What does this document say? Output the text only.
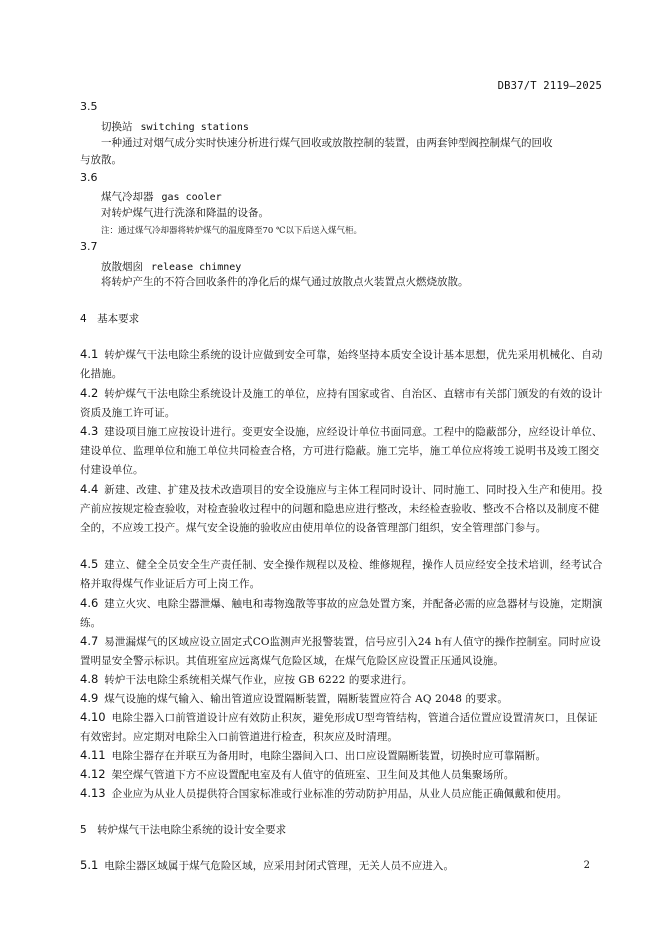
DB37/T 2119—2025
3.5
切换站 switching stations
一种通过对烟气成分实时快速分析进行煤气回收或放散控制的装置，由两套钟型阀控制煤气的回收
与放散。
3.6
煤气冷却器 gas cooler
对转炉煤气进行洗涤和降温的设备。
注：通过煤气冷却器将转炉煤气的温度降至70 ℃以下后送入煤气柜。
3.7
放散烟囱 release chimney
将转炉产生的不符合回收条件的净化后的煤气通过放散点火装置点火燃烧放散。
4　基本要求
4.1 转炉煤气干法电除尘系统的设计应做到安全可靠，始终坚持本质安全设计基本思想，优先采用机械化、自动化措施。
4.2 转炉煤气干法电除尘系统设计及施工的单位，应持有国家或省、自治区、直辖市有关部门颁发的有效的设计资质及施工许可证。
4.3 建设项目施工应按设计进行。变更安全设施，应经设计单位书面同意。工程中的隐蔽部分，应经设计单位、建设单位、监理单位和施工单位共同检查合格，方可进行隐蔽。施工完毕，施工单位应将竣工说明书及竣工图交付建设单位。
4.4 新建、改建、扩建及技术改造项目的安全设施应与主体工程同时设计、同时施工、同时投入生产和使用。投产前应按规定检查验收，对检查验收过程中的问题和隐患应进行整改，未经检查验收、整改不合格以及制度不健全的，不应竣工投产。煤气安全设施的验收应由使用单位的设备管理部门组织，安全管理部门参与。
4.5 建立、健全全员安全生产责任制、安全操作规程以及检、维修规程，操作人员应经安全技术培训，经考试合格并取得煤气作业证后方可上岗工作。
4.6 建立火灾、电除尘器泄爆、触电和毒物逸散等事故的应急处置方案，并配备必需的应急器材与设施，定期演练。
4.7 易泄漏煤气的区域应设立固定式CO监测声光报警装置，信号应引入24 h有人值守的操作控制室。同时应设置明显安全警示标识。其值班室应远离煤气危险区域，在煤气危险区应设置正压通风设施。
4.8 转炉干法电除尘系统相关煤气作业，应按 GB 6222 的要求进行。
4.9 煤气设施的煤气输入、输出管道应设置隔断装置，隔断装置应符合 AQ 2048 的要求。
4.10 电除尘器入口前管道设计应有效防止积灰，避免形成U型弯管结构，管道合适位置应设置清灰口，且保证有效密封。应定期对电除尘入口前管道进行检查，积灰应及时清理。
4.11 电除尘器存在并联互为备用时，电除尘器间入口、出口应设置隔断装置，切换时应可靠隔断。
4.12 架空煤气管道下方不应设置配电室及有人值守的值班室、卫生间及其他人员集聚场所。
4.13 企业应为从业人员提供符合国家标准或行业标准的劳动防护用品，从业人员应能正确佩戴和使用。
5　转炉煤气干法电除尘系统的设计安全要求
5.1 电除尘器区域属于煤气危险区域，应采用封闭式管理，无关人员不应进入。	2
